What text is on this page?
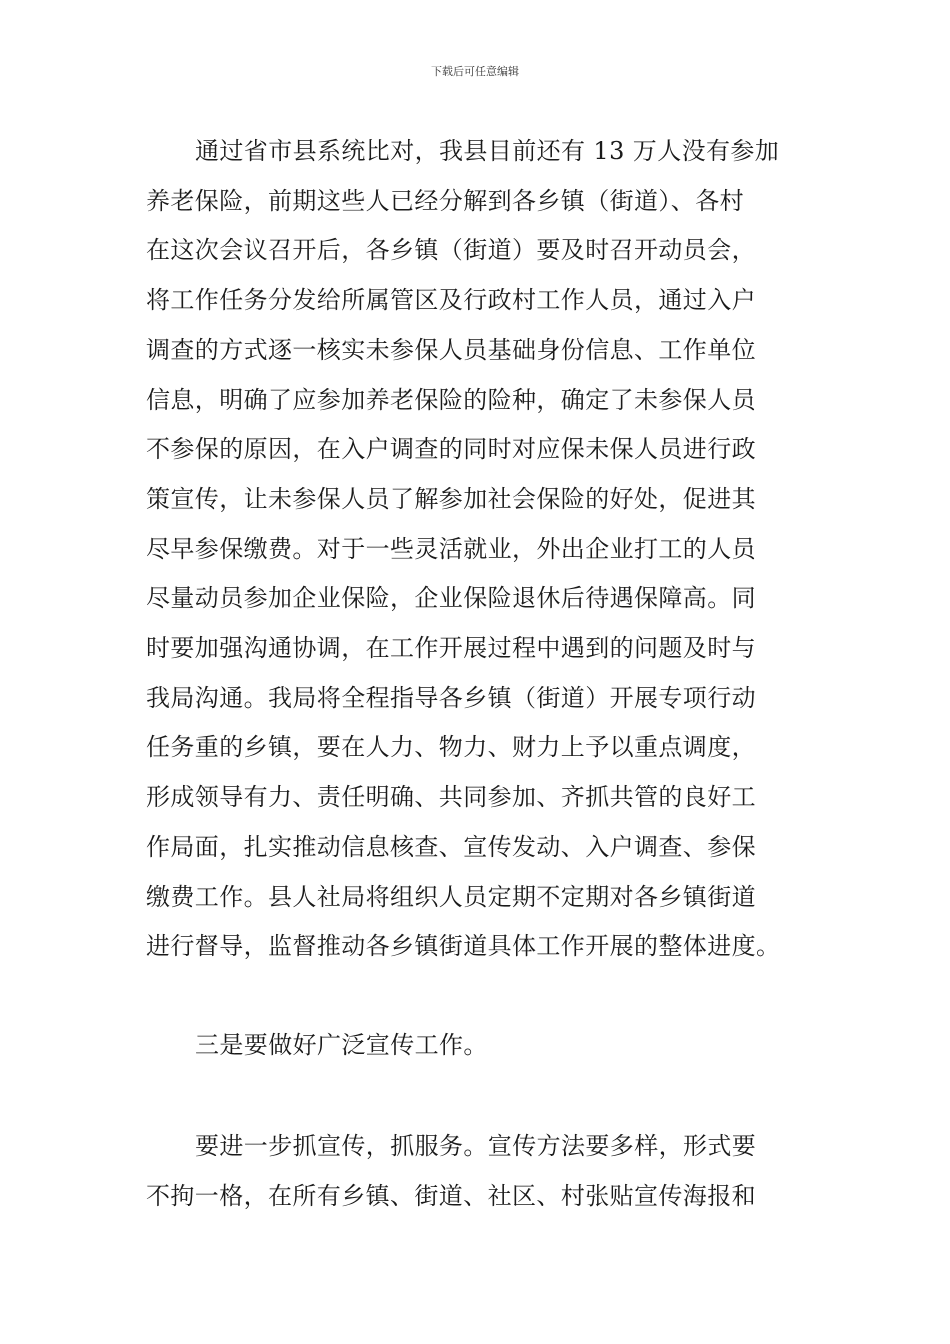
下载后可任意编辑

通过省市县系统比对，我县目前还有 13 万人没有参加
养老保险，前期这些人已经分解到各乡镇（街道）、各村
在这次会议召开后，各乡镇（街道）要及时召开动员会，
将工作任务分发给所属管区及行政村工作人员，通过入户
调查的方式逐一核实未参保人员基础身份信息、工作单位
信息，明确了应参加养老保险的险种，确定了未参保人员
不参保的原因，在入户调查的同时对应保未保人员进行政
策宣传，让未参保人员了解参加社会保险的好处，促进其
尽早参保缴费。对于一些灵活就业，外出企业打工的人员
尽量动员参加企业保险，企业保险退休后待遇保障高。同
时要加强沟通协调，在工作开展过程中遇到的问题及时与
我局沟通。我局将全程指导各乡镇（街道）开展专项行动
任务重的乡镇，要在人力、物力、财力上予以重点调度，
形成领导有力、责任明确、共同参加、齐抓共管的良好工
作局面，扎实推动信息核查、宣传发动、入户调查、参保
缴费工作。县人社局将组织人员定期不定期对各乡镇街道
进行督导，监督推动各乡镇街道具体工作开展的整体进度。

三是要做好广泛宣传工作。

要进一步抓宣传，抓服务。宣传方法要多样，形式要
不拘一格，在所有乡镇、街道、社区、村张贴宣传海报和
